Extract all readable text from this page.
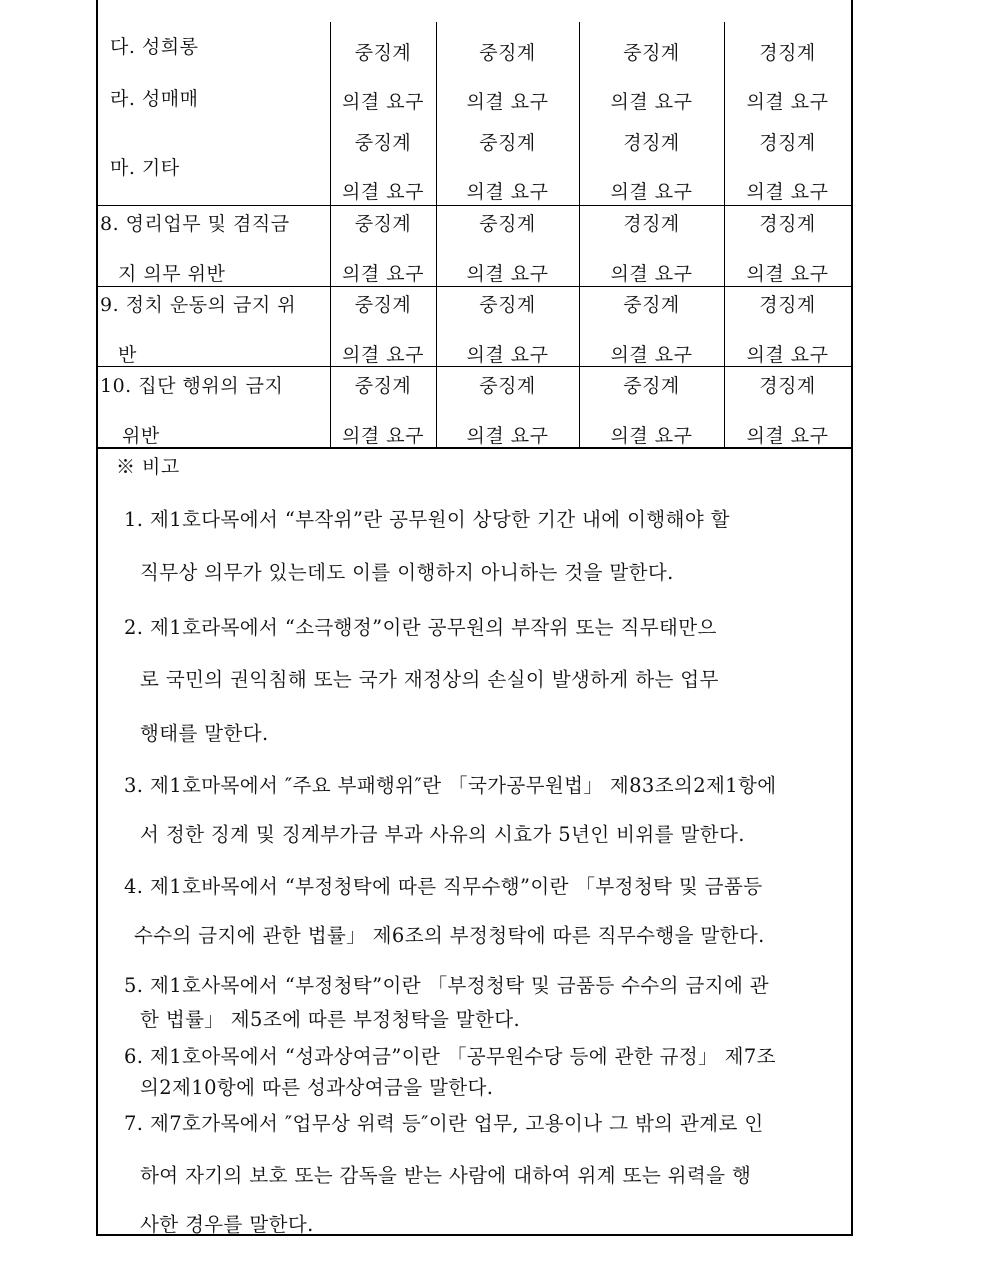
다. 성희롱
라. 성매매
중징계
의결 요구
중징계
의결 요구
중징계
의결 요구
경징계
의결 요구
마. 기타
중징계
의결 요구
중징계
의결 요구
경징계
의결 요구
경징계
의결 요구
8. 영리업무 및 겸직금
지 의무 위반
중징계
의결 요구
중징계
의결 요구
경징계
의결 요구
경징계
의결 요구
9. 정치 운동의 금지 위
반
중징계
의결 요구
중징계
의결 요구
중징계
의결 요구
경징계
의결 요구
10. 집단 행위의 금지
위반
중징계
의결 요구
중징계
의결 요구
중징계
의결 요구
경징계
의결 요구
※ 비고
1. 제1호다목에서 “부작위”란 공무원이 상당한 기간 내에 이행해야 할
직무상 의무가 있는데도 이를 이행하지 아니하는 것을 말한다.
2. 제1호라목에서 “소극행정”이란 공무원의 부작위 또는 직무태만으
로 국민의 권익침해 또는 국가 재정상의 손실이 발생하게 하는 업무
행태를 말한다.
3. 제1호마목에서 ″주요 부패행위″란 「국가공무원법」 제83조의2제1항에
서 정한 징계 및 징계부가금 부과 사유의 시효가 5년인 비위를 말한다.
4. 제1호바목에서 “부정청탁에 따른 직무수행”이란 「부정청탁 및 금품등
수수의 금지에 관한 법률」 제6조의 부정청탁에 따른 직무수행을 말한다.
5. 제1호사목에서 “부정청탁”이란 「부정청탁 및 금품등 수수의 금지에 관
한 법률」 제5조에 따른 부정청탁을 말한다.
6. 제1호아목에서 “성과상여금”이란 「공무원수당 등에 관한 규정」 제7조
의2제10항에 따른 성과상여금을 말한다.
7. 제7호가목에서 ″업무상 위력 등″이란 업무, 고용이나 그 밖의 관계로 인
하여 자기의 보호 또는 감독을 받는 사람에 대하여 위계 또는 위력을 행
사한 경우를 말한다.
